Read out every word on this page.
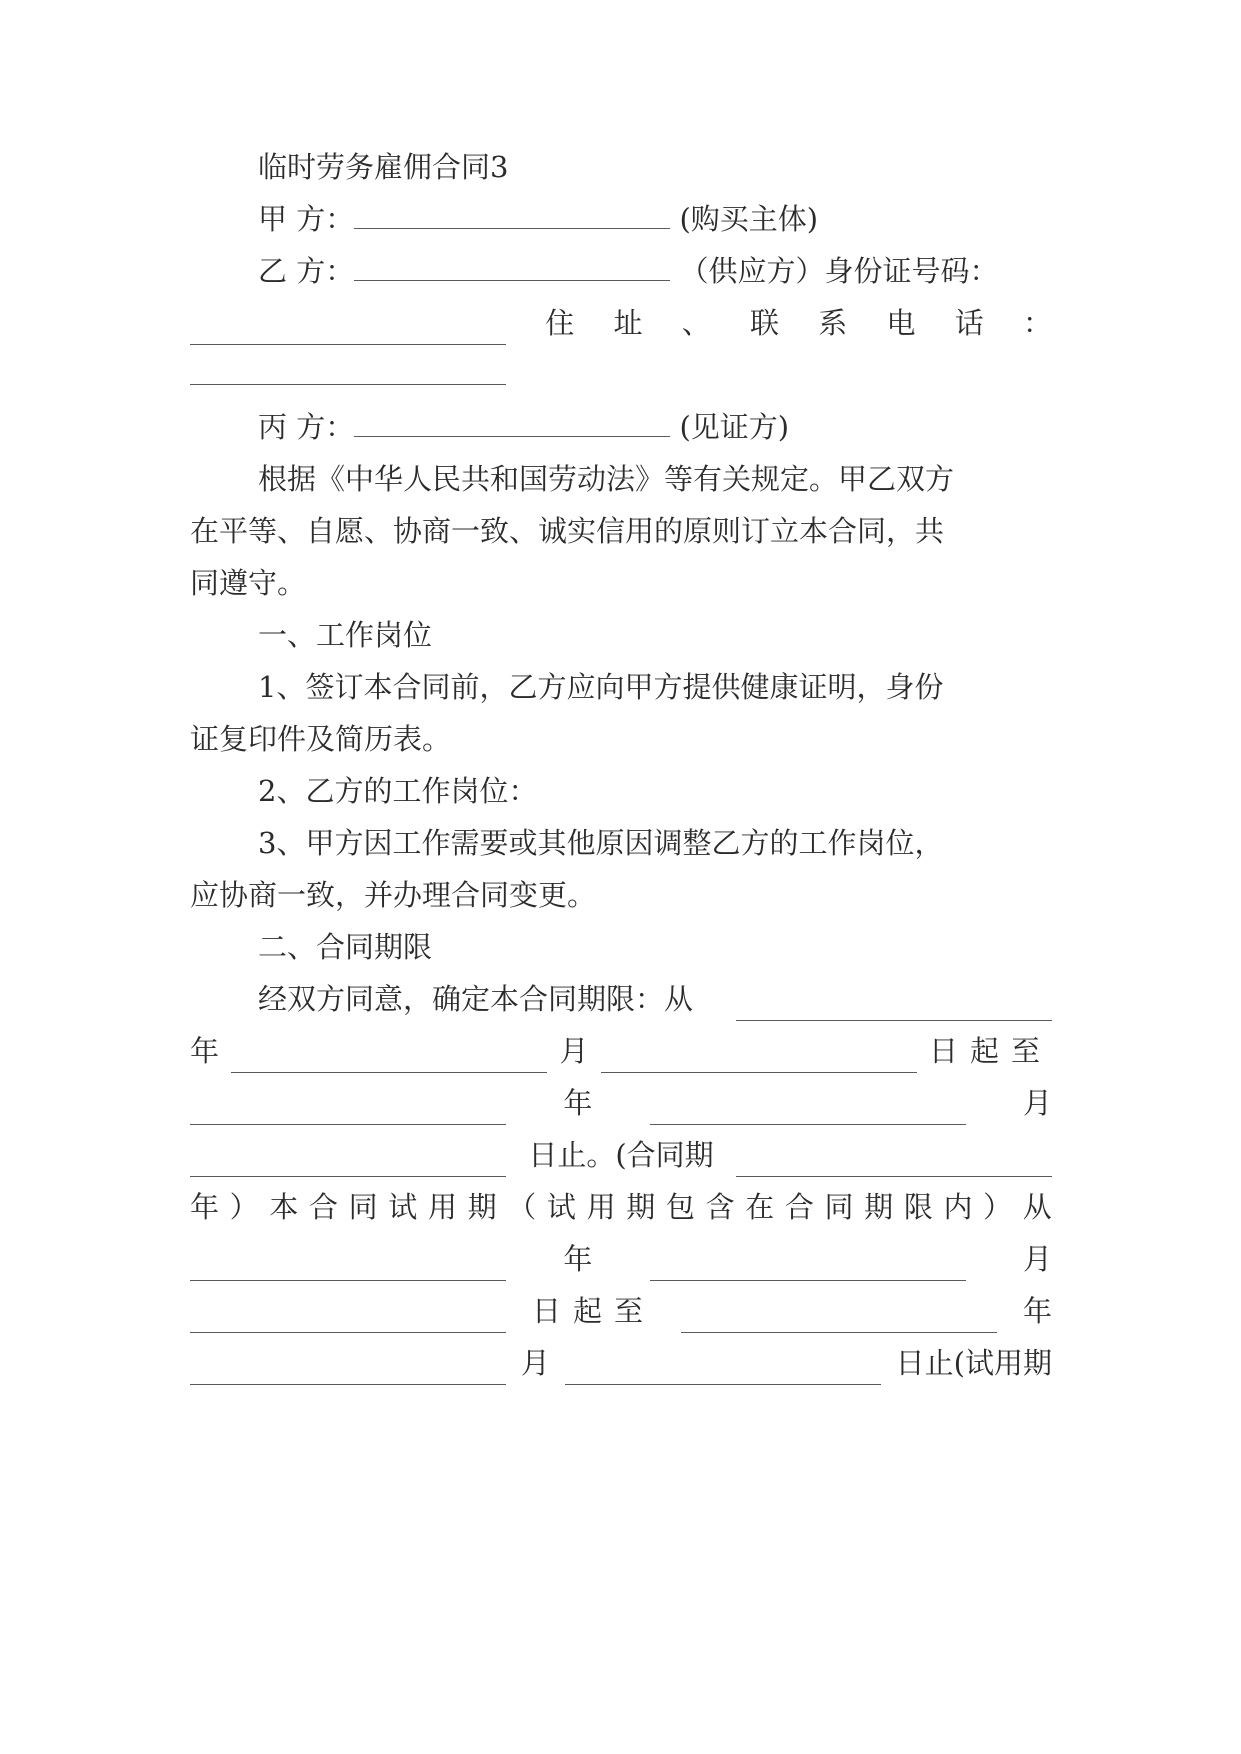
临时劳务雇佣合同3
甲 方：	(购买主体)
乙 方：	（供应方）身份证号码：
住 址 、 联 系 电 话 ：
丙 方：	(见证方)
根据《中华人民共和国劳动法》等有关规定。甲乙双方
在平等、自愿、协商一致、诚实信用的原则订立本合同，共
同遵守。
一、工作岗位
1、签订本合同前，乙方应向甲方提供健康证明，身份
证复印件及简历表。
2、乙方的工作岗位：
3、甲方因工作需要或其他原因调整乙方的工作岗位，
应协商一致，并办理合同变更。
二、合同期限
经双方同意，确定本合同期限：从
年	月	日起至
年	月
日止。(合同期
年 ） 本 合 同 试 用 期 （ 试 用 期 包 含 在 合 同 期 限 内 ） 从
年	月
日起至	年
月	日止(试用期
